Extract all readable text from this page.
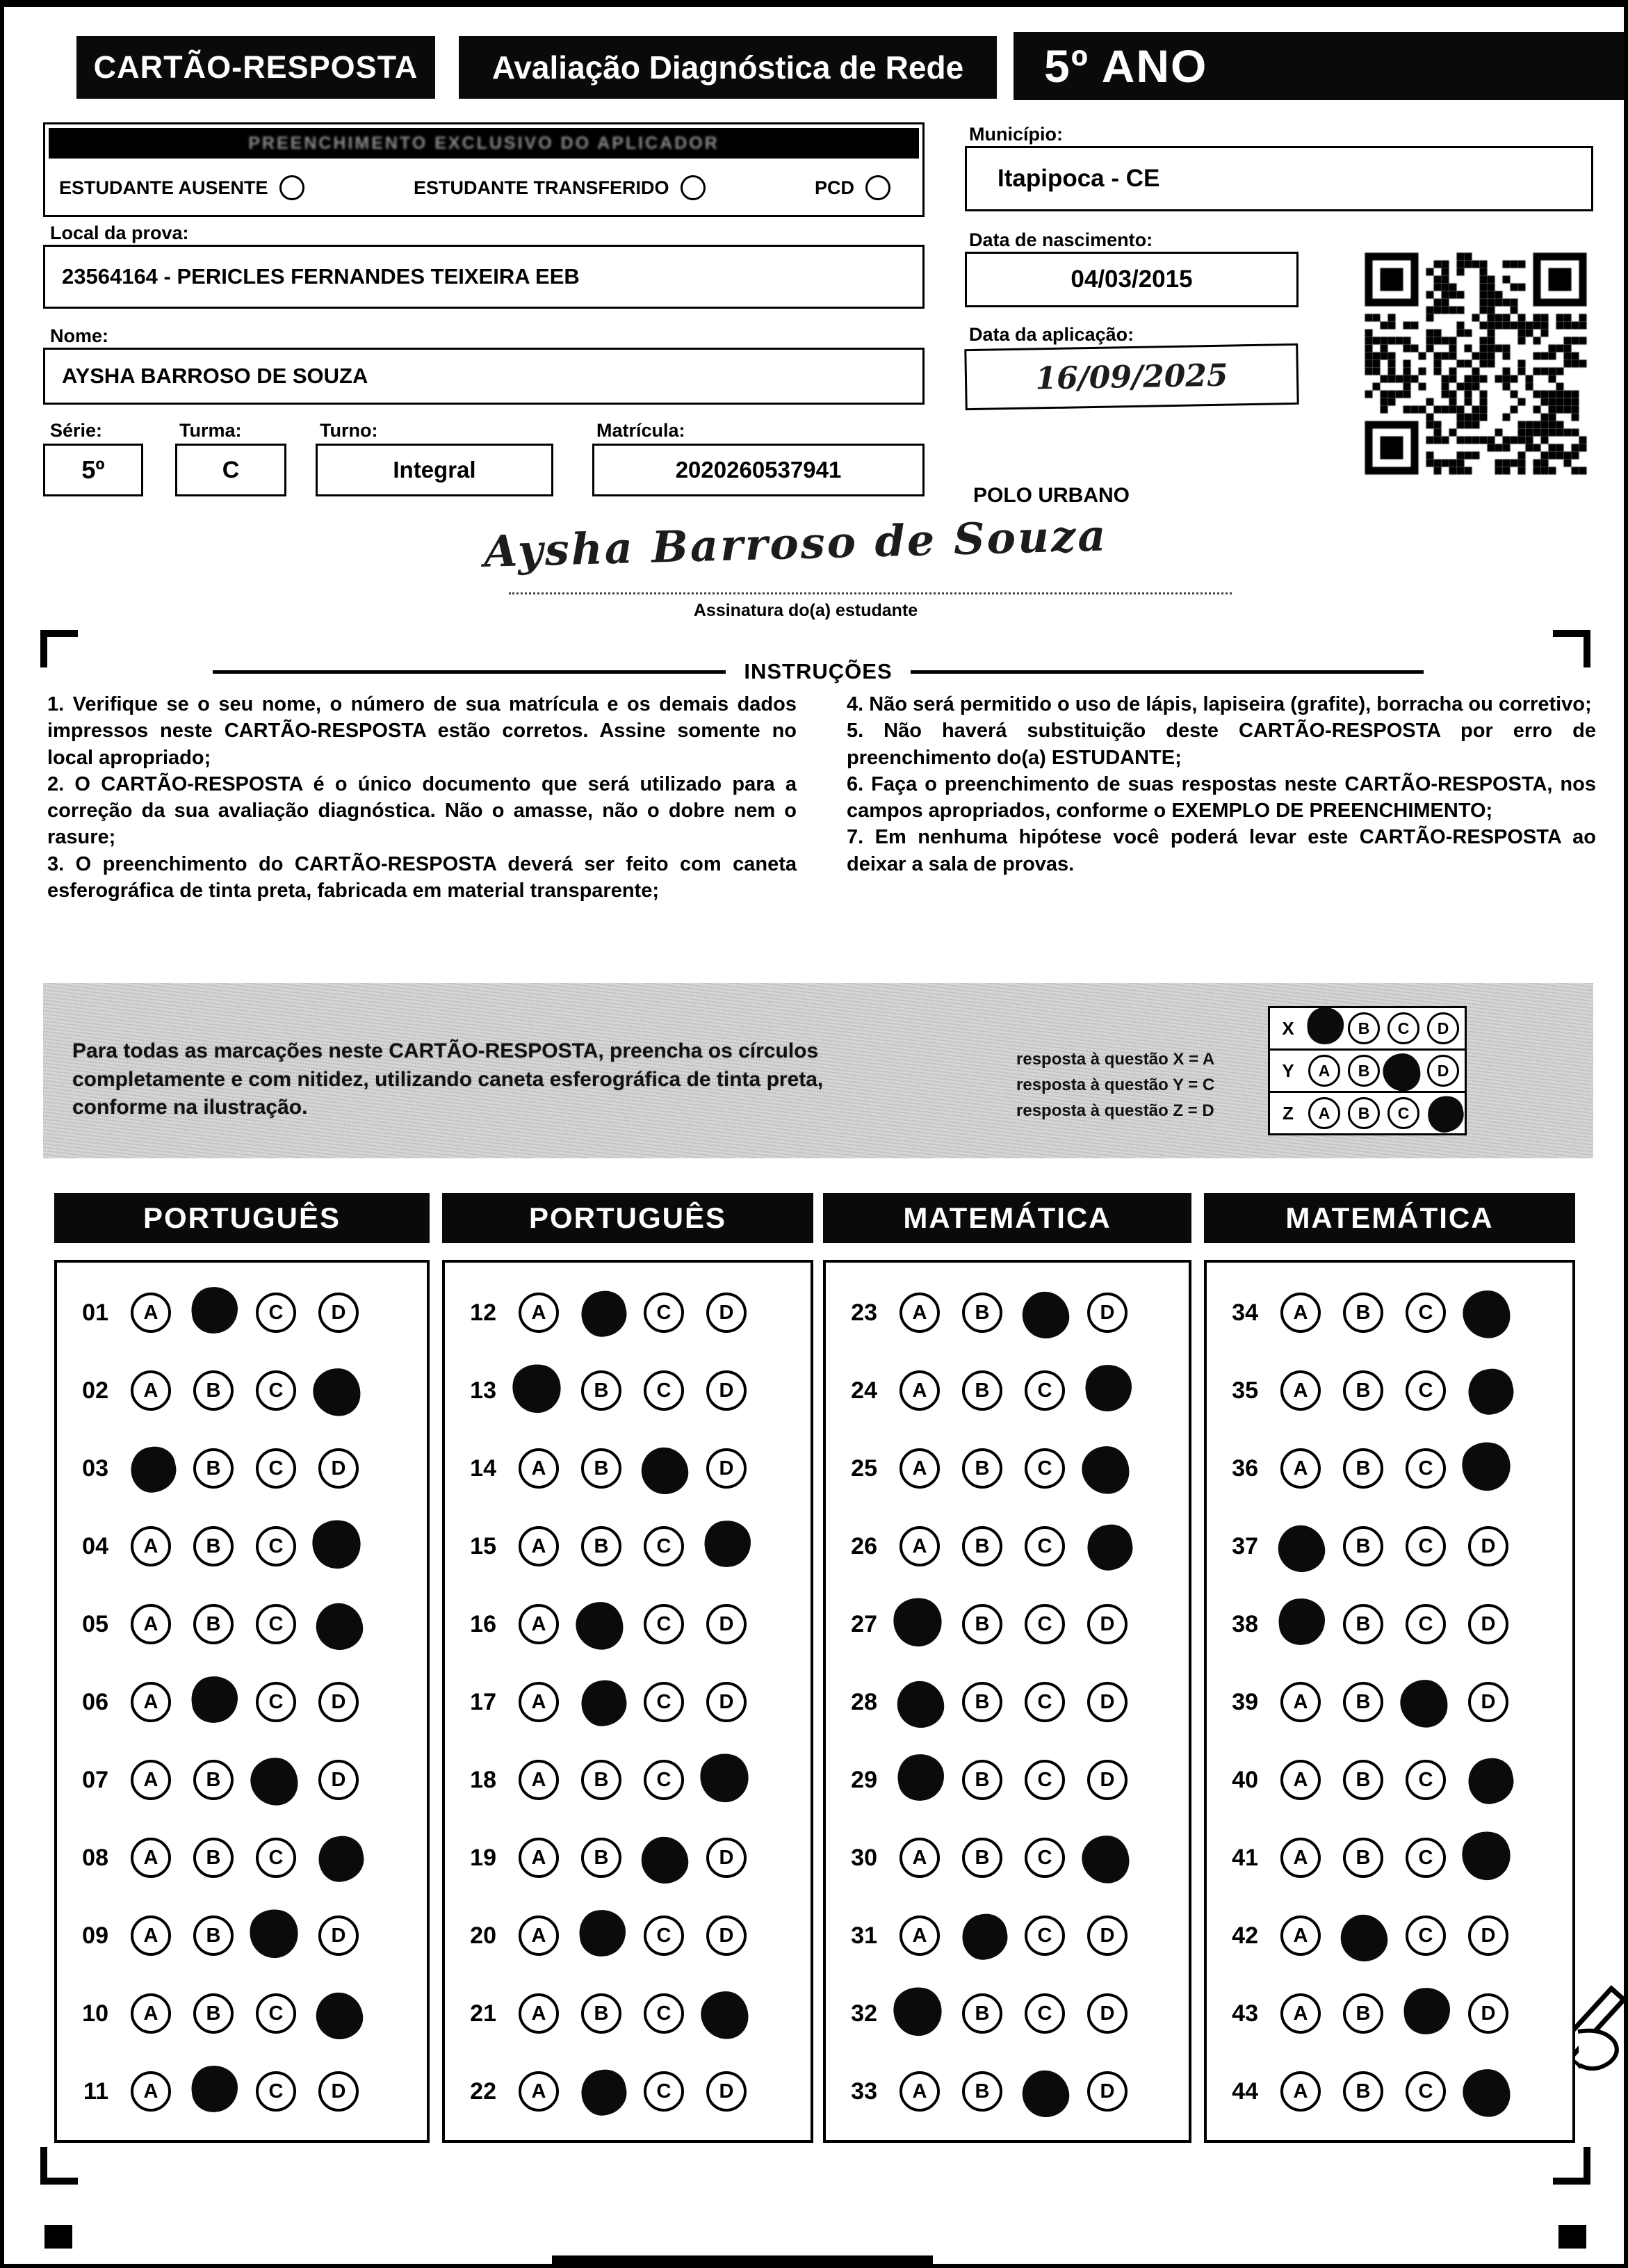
CARTÃO-RESPOSTA	Avaliação Diagnóstica de Rede	5º ANO
PREENCHIMENTO EXCLUSIVO DO APLICADOR
ESTUDANTE AUSENTE	ESTUDANTE TRANSFERIDO	PCD
Local da prova:
23564164 - PERICLES FERNANDES TEIXEIRA EEB
Nome:
AYSHA BARROSO DE SOUZA
Série:
5º
Turma:
C
Turno:
Integral
Matrícula:
2020260537941
Município:
Itapipoca - CE
Data de nascimento:
04/03/2015
Data da aplicação:
16/09/2025
POLO URBANO
Aysha Barroso de Souza
Assinatura do(a) estudante
INSTRUÇÕES

1. Verifique se o seu nome, o número de sua matrícula e os demais dados impressos neste CARTÃO-RESPOSTA estão corretos. Assine somente no local apropriado;

2. O CARTÃO-RESPOSTA é o único documento que será utilizado para a correção da sua avaliação diagnóstica. Não o amasse, não o dobre nem o rasure;

3. O preenchimento do CARTÃO-RESPOSTA deverá ser feito com caneta esferográfica de tinta preta, fabricada em material transparente;

4. Não será permitido o uso de lápis, lapiseira (grafite), borracha ou corretivo;

5. Não haverá substituição deste CARTÃO-RESPOSTA por erro de preenchimento do(a) ESTUDANTE;

6. Faça o preenchimento de suas respostas neste CARTÃO-RESPOSTA, nos campos apropriados, conforme o EXEMPLO DE PREENCHIMENTO;

7. Em nenhuma hipótese você poderá levar este CARTÃO-RESPOSTA ao deixar a sala de provas.

Para todas as marcações neste CARTÃO-RESPOSTA, preencha os círculos completamente e com nitidez, utilizando caneta esferográfica de tinta preta, conforme na ilustração.
resposta à questão X = A
resposta à questão Y = C
resposta à questão Z = D
X	B C D
Y	A B	D
Z	A B C
PORTUGUÊS
01 A	C D
02 A B C
03	B C D
04 A B C
05 A B C
06 A	C D
07 A B	D
08 A B C
09 A B	D
10 A B C
11 A	C D
PORTUGUÊS
12 A	C D
13	B C D
14 A B	D
15 A B C
16 A	C D
17 A	C D
18 A B C
19 A B	D
20 A	C D
21 A B C
22 A	C D
MATEMÁTICA
23 A B	D
24 A B C
25 A B C
26 A B C
27	B C D
28	B C D
29	B C D
30 A B C
31 A	C D
32	B C D
33 A B	D
MATEMÁTICA
34 A B C
35 A B C
36 A B C
37	B C D
38	B C D
39 A B	D
40 A B C
41 A B C
42 A	C D
43 A B	D
44 A B C
